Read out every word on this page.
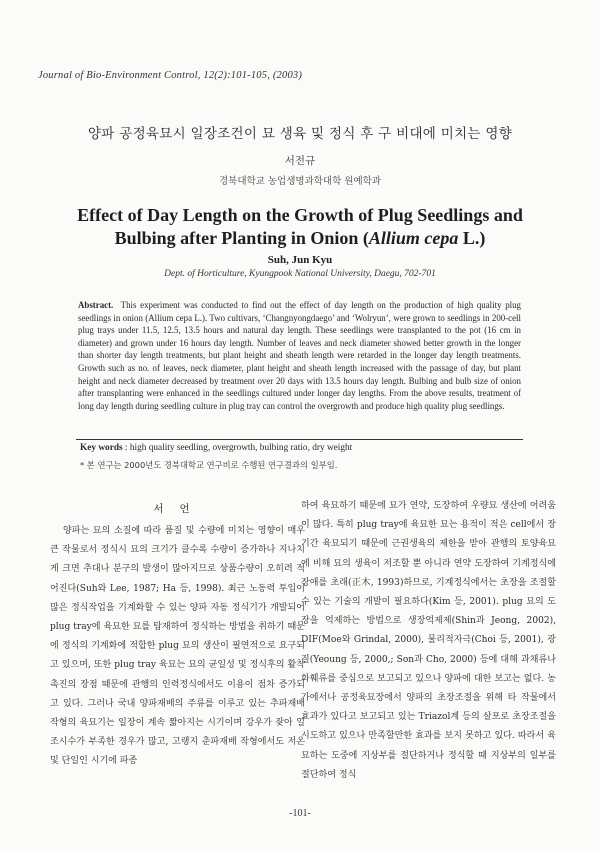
Journal of Bio-Environment Control, 12(2):101-105, (2003)
양파 공정육묘시 일장조건이 묘 생육 및 정식 후 구 비대에 미치는 영향
서전규
경북대학교 농업생명과학대학 원예학과
Effect of Day Length on the Growth of Plug Seedlings and
Bulbing after Planting in Onion (Allium cepa L.)
Suh, Jun Kyu
Dept. of Horticulture, Kyungpook National University, Daegu, 702-701
Abstract. This experiment was conducted to find out the effect of day length on the production of high quality plug seedlings in onion (Allium cepa L.). Two cultivars, ‘Changnyongdaego’ and ‘Wolryun’, were grown to seedlings in 200-cell plug trays under 11.5, 12.5, 13.5 hours and natural day length. These seedlings were transplanted to the pot (16 cm in diameter) and grown under 16 hours day length. Number of leaves and neck diameter showed better growth in the longer than shorter day length treatments, but plant height and sheath length were retarded in the longer day length treatments. Growth such as no. of leaves, neck diameter, plant height and sheath length increased with the passage of day, but plant height and neck diameter decreased by treatment over 20 days with 13.5 hours day length. Bulbing and bulb size of onion after transplanting were enhanced in the seedlings cultured under longer day lengths. From the above results, treatment of long day length during seedling culture in plug tray can control the overgrowth and produce high quality plug seedlings.
Key words : high quality seedling, overgrowth, bulbing ratio, dry weight
* 본 연구는 2000년도 경북대학교 연구비로 수행된 연구결과의 일부임.
서언

양파는 묘의 소질에 따라 품질 및 수량에 미치는 영향이 매우 큰 작물로서 정식시 묘의 크기가 클수록 수량이 증가하나 지나치게 크면 추대나 분구의 발생이 많아지므로 상품수량이 오히려 적어진다(Suh와 Lee, 1987; Ha 등, 1998). 최근 노동력 투입이 많은 정식작업을 기계화할 수 있는 양파 자동 정식기가 개발되어 plug tray에 육묘한 묘를 탑재하여 정식하는 방법을 취하기 때문에 정식의 기계화에 적합한 plug 묘의 생산이 필연적으로 요구되고 있으며, 또한 plug tray 육묘는 묘의 균일성 및 정식후의 활착 촉진의 장점 때문에 관행의 인력정식에서도 이용이 점차 증가되고 있다. 그러나 국내 양파재배의 주류를 이루고 있는 추파재배 작형의 육묘기는 일장이 계속 짧아지는 시기이며 강우가 잦아 일조시수가 부족한 경우가 많고, 고랭지 춘파재배 작형에서도 저온 및 단일인 시기에 파종

하여 육묘하기 때문에 묘가 연약, 도장하여 우량묘 생산에 어려움이 많다. 특히 plug tray에 육묘한 묘는 용적이 적은 cell에서 장기간 육묘되기 때문에 근권생육의 제한을 받아 관행의 토양육묘에 비해 묘의 생육이 저조할 뿐 아니라 연약 도장하여 기계정식에 장애를 초래(正木, 1993)하므로, 기계정식에서는 초장을 조절할 수 있는 기술의 개발이 필요하다(Kim 등, 2001). plug 묘의 도장을 억제하는 방법으로 생장억제제(Shin과 Jeong, 2002), DIF(Moe와 Grindal, 2000), 물리적자극(Choi 등, 2001), 광질(Yeoung 등, 2000,; Son과 Cho, 2000) 등에 대해 과채류나 화훼류를 중심으로 보고되고 있으나 양파에 대한 보고는 없다. 농가에서나 공정육묘장에서 양파의 초장조절을 위해 타 작물에서 효과가 있다고 보고되고 있는 Triazol계 등의 살포로 초장조절을 시도하고 있으나 만족할만한 효과를 보지 못하고 있다. 따라서 육묘하는 도중에 지상부를 절단하거나 정식할 때 지상부의 일부를 절단하여 정식

-101-
